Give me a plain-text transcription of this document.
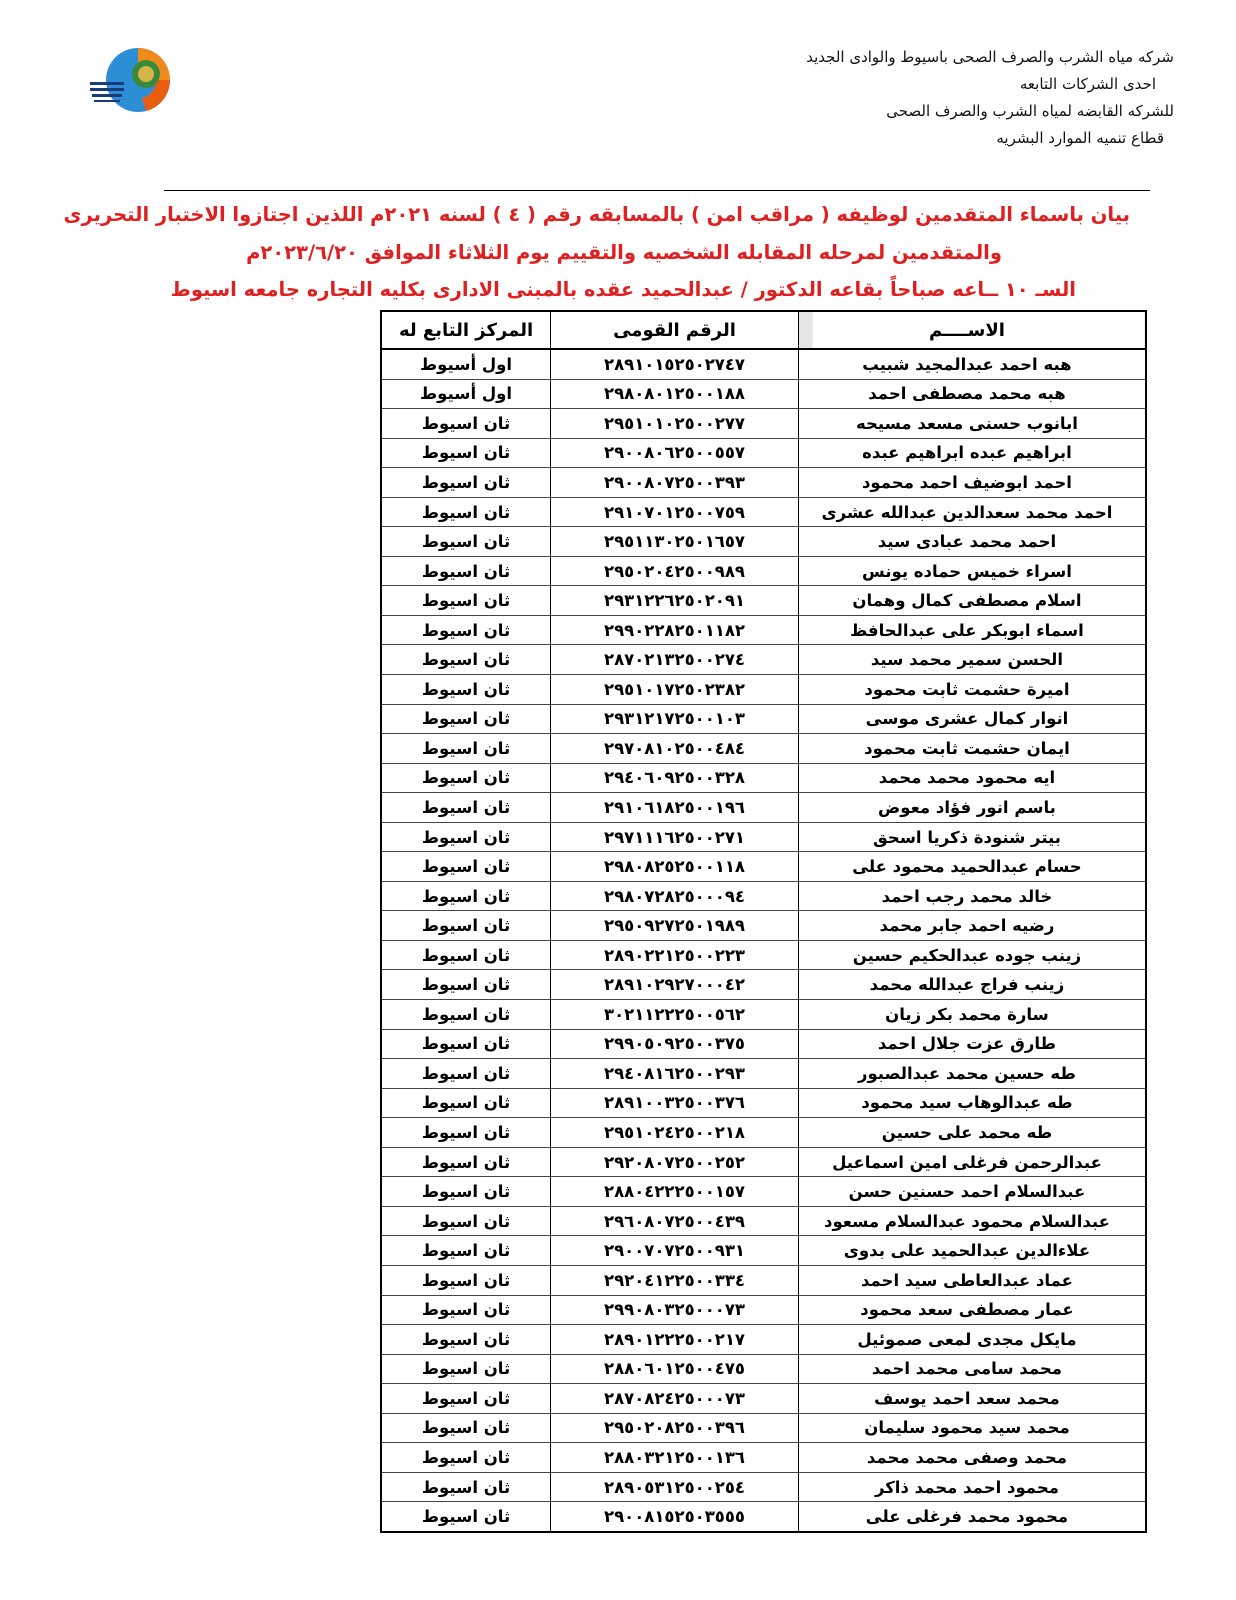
شركه مياه الشرب والصرف الصحى باسيوط والوادى الجديد
احدى الشركات التابعه
للشركه القابضه لمياه الشرب والصرف الصحى
قطاع تنميه الموارد البشريه
بيان باسماء المتقدمين لوظيفه ( مراقب امن ) بالمسابقه رقم ( ٤ ) لسنه ٢٠٢١م اللذين اجتازوا الاختبار التحريرى
والمتقدمين لمرحله المقابله الشخصيه والتقييم يوم الثلاثاء الموافق ٢٠٢٣/٦/٢٠م
السـ ١٠ ــاعه صباحاً بقاعه الدكتور / عبدالحميد عقده بالمبنى الادارى بكليه التجاره جامعه اسيوط
الاســــم	الرقم القومى	المركز التابع له
هبه احمد عبدالمجيد شبيب	٢٨٩١٠١٥٢٥٠٢٧٤٧	اول أسيوط
هبه محمد مصطفى احمد	٢٩٨٠٨٠١٢٥٠٠١٨٨	اول أسيوط
ابانوب حسنى مسعد مسيحه	٢٩٥١٠١٠٢٥٠٠٢٧٧	ثان اسيوط
ابراهيم عبده ابراهيم عبده	٢٩٠٠٨٠٦٢٥٠٠٥٥٧	ثان اسيوط
احمد ابوضيف احمد محمود	٢٩٠٠٨٠٧٢٥٠٠٣٩٣	ثان اسيوط
احمد محمد سعدالدين عبدالله عشرى	٢٩١٠٧٠١٢٥٠٠٧٥٩	ثان اسيوط
احمد محمد عبادى سيد	٢٩٥١١٣٠٢٥٠١٦٥٧	ثان اسيوط
اسراء خميس حماده يونس	٢٩٥٠٢٠٤٢٥٠٠٩٨٩	ثان اسيوط
اسلام مصطفى كمال وهمان	٢٩٣١٢٢٦٢٥٠٢٠٩١	ثان اسيوط
اسماء ابوبكر على عبدالحافظ	٢٩٩٠٢٢٨٢٥٠١١٨٢	ثان اسيوط
الحسن سمير محمد سيد	٢٨٧٠٢١٣٢٥٠٠٢٧٤	ثان اسيوط
اميرة حشمت ثابت محمود	٢٩٥١٠١٧٢٥٠٢٣٨٢	ثان اسيوط
انوار كمال عشرى موسى	٢٩٣١٢١٧٢٥٠٠١٠٣	ثان اسيوط
ايمان حشمت ثابت محمود	٢٩٧٠٨١٠٢٥٠٠٤٨٤	ثان اسيوط
ايه محمود محمد محمد	٢٩٤٠٦٠٩٢٥٠٠٣٢٨	ثان اسيوط
باسم انور فؤاد معوض	٢٩١٠٦١٨٢٥٠٠١٩٦	ثان اسيوط
بيتر شنودة ذكريا اسحق	٢٩٧١١١٦٢٥٠٠٢٧١	ثان اسيوط
حسام عبدالحميد محمود على	٢٩٨٠٨٢٥٢٥٠٠١١٨	ثان اسيوط
خالد محمد رجب احمد	٢٩٨٠٧٢٨٢٥٠٠٠٩٤	ثان اسيوط
رضيه احمد جابر محمد	٢٩٥٠٩٢٧٢٥٠١٩٨٩	ثان اسيوط
زينب جوده عبدالحكيم حسين	٢٨٩٠٢٢١٢٥٠٠٢٢٣	ثان اسيوط
زينب فراج عبدالله محمد	٢٨٩١٠٢٩٢٧٠٠٠٤٢	ثان اسيوط
سارة محمد بكر زيان	٣٠٢١١٢٢٢٥٠٠٥٦٢	ثان اسيوط
طارق عزت جلال احمد	٢٩٩٠٥٠٩٢٥٠٠٣٧٥	ثان اسيوط
طه حسين محمد عبدالصبور	٢٩٤٠٨١٦٢٥٠٠٢٩٣	ثان اسيوط
طه عبدالوهاب سيد محمود	٢٨٩١٠٠٣٢٥٠٠٣٧٦	ثان اسيوط
طه محمد على حسين	٢٩٥١٠٢٤٢٥٠٠٢١٨	ثان اسيوط
عبدالرحمن فرغلى امين اسماعيل	٢٩٢٠٨٠٧٢٥٠٠٢٥٢	ثان اسيوط
عبدالسلام احمد حسنين حسن	٢٨٨٠٤٢٢٢٥٠٠١٥٧	ثان اسيوط
عبدالسلام محمود عبدالسلام مسعود	٢٩٦٠٨٠٧٢٥٠٠٤٣٩	ثان اسيوط
علاءالدين عبدالحميد على بدوى	٢٩٠٠٧٠٧٢٥٠٠٩٣١	ثان اسيوط
عماد عبدالعاطى سيد احمد	٢٩٢٠٤١٢٢٥٠٠٣٣٤	ثان اسيوط
عمار مصطفى سعد محمود	٢٩٩٠٨٠٣٢٥٠٠٠٧٣	ثان اسيوط
مايكل مجدى لمعى صموئيل	٢٨٩٠١٢٢٢٥٠٠٢١٧	ثان اسيوط
محمد سامى محمد احمد	٢٨٨٠٦٠١٢٥٠٠٤٧٥	ثان اسيوط
محمد سعد احمد يوسف	٢٨٧٠٨٢٤٢٥٠٠٠٧٣	ثان اسيوط
محمد سيد محمود سليمان	٢٩٥٠٢٠٨٢٥٠٠٣٩٦	ثان اسيوط
محمد وصفى محمد محمد	٢٨٨٠٣٢١٢٥٠٠١٣٦	ثان اسيوط
محمود احمد محمد ذاكر	٢٨٩٠٥٣١٢٥٠٠٢٥٤	ثان اسيوط
محمود محمد فرغلى على	٢٩٠٠٨١٥٢٥٠٣٥٥٥	ثان اسيوط
